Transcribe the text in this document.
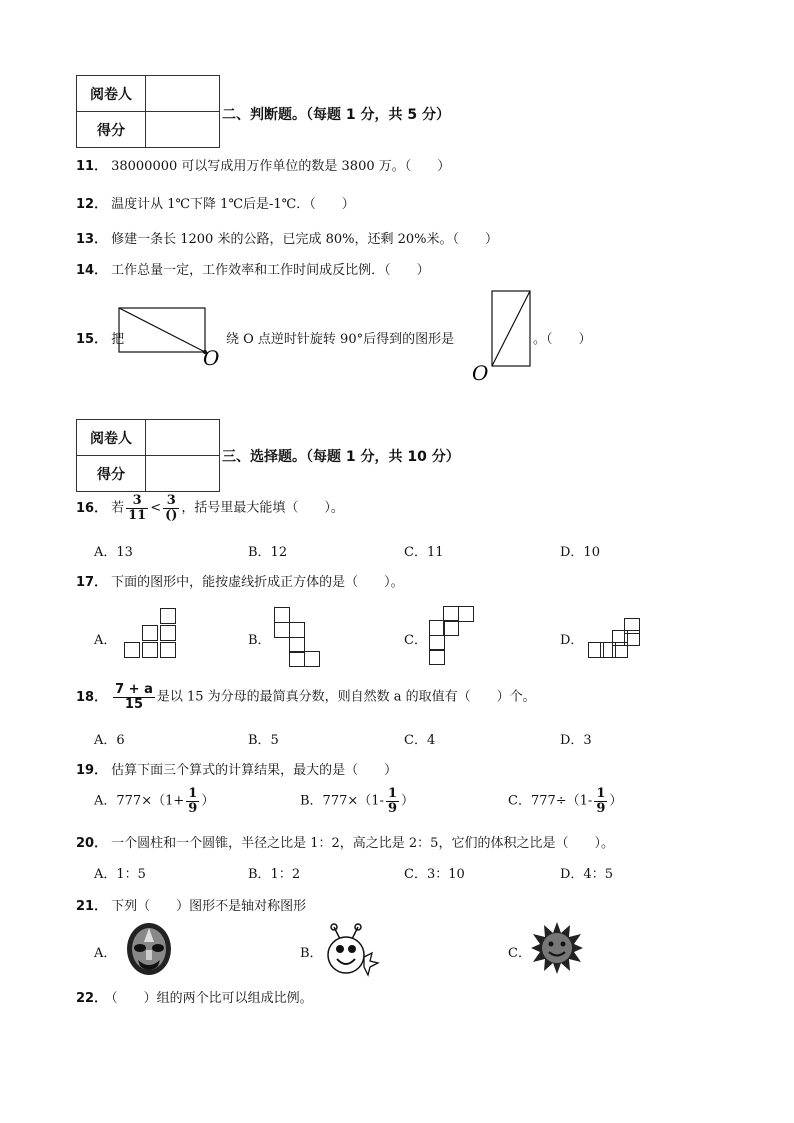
阅卷人	
得分	
二、判断题。（每题 1 分，共 5 分）
11． 38000000 可以写成用万作单位的数是 3800 万。（　　）
12． 温度计从 1℃下降 1℃后是-1℃．（　　）
13． 修建一条长 1200 米的公路，已完成 80%，还剩 20%米。（　　）
14． 工作总量一定，工作效率和工作时间成反比例．（　　）
15． 把
O
绕 O 点逆时针旋转 90°后得到的图形是
O
。（　　）
阅卷人	
得分	
三、选择题。（每题 1 分，共 10 分）
16． 若 $\frac{3}{11} < \frac{3}{()}$ ，括号里最大能填（　　）。
A．13	B．12	C．11	D．10
17． 下面的图形中，能按虚线折成正方体的是（　　）。
A．	B．	C．	D．
18． $\frac{7 + a}{15}$ 是以 15 为分母的最简真分数，则自然数 a 的取值有（　　）个。
A．6	B．5	C．4	D．3
19． 估算下面三个算式的计算结果，最大的是（　　）
A．$777\times(1+ \frac{1}{9}$ ）	B．$777\times(1- \frac{1}{9}$ ）	C．$777\div(1- \frac{1}{9}$ ）
20． 一个圆柱和一个圆锥，半径之比是 1：2，高之比是 2：5，它们的体积之比是（　　）。
A．1：5	B．1：2	C．3：10	D．4：5
21． 下列（　　）图形不是轴对称图形
A．	B．	C．
22． （　　）组的两个比可以组成比例。
